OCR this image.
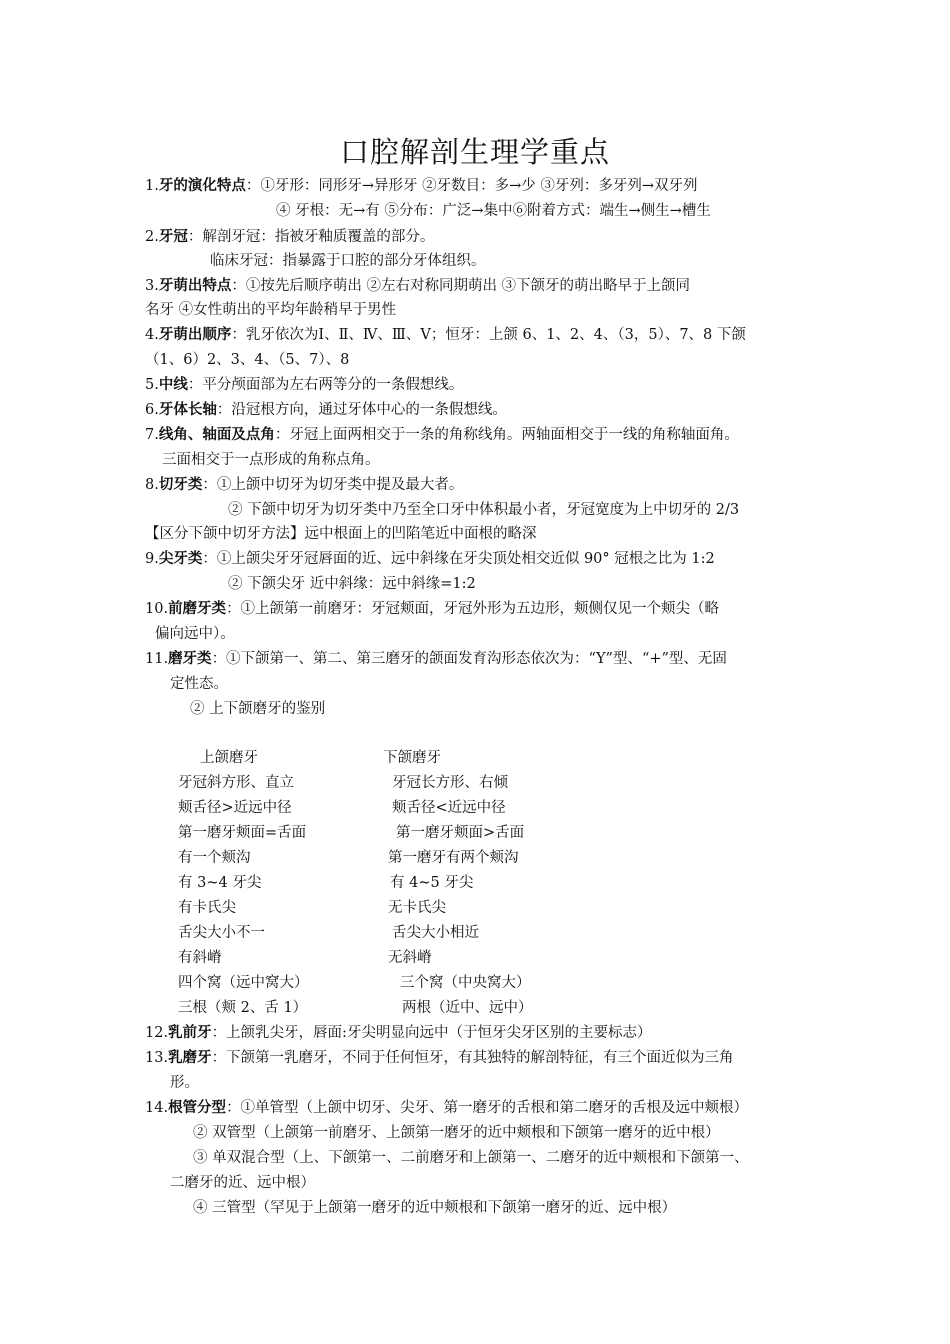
口腔解剖生理学重点
1.牙的演化特点：①牙形：同形牙→异形牙 ②牙数目：多→少 ③牙列：多牙列→双牙列
④ 牙根：无→有 ⑤分布：广泛→集中⑥附着方式：端生→侧生→槽生
2.牙冠：解剖牙冠：指被牙釉质覆盖的部分。
临床牙冠：指暴露于口腔的部分牙体组织。
3.牙萌出特点：①按先后顺序萌出 ②左右对称同期萌出 ③下颌牙的萌出略早于上颌同
名牙 ④女性萌出的平均年龄稍早于男性
4.牙萌出顺序：乳牙依次为Ⅰ、Ⅱ、Ⅳ、Ⅲ、Ⅴ；恒牙：上颌 6、1、2、4、（3，5）、7、8 下颌
（1、6）2、3、4、（5、7）、8
5.中线：平分颅面部为左右两等分的一条假想线。
6.牙体长轴：沿冠根方向，通过牙体中心的一条假想线。
7.线角、轴面及点角：牙冠上面两相交于一条的角称线角。两轴面相交于一线的角称轴面角。
三面相交于一点形成的角称点角。
8.切牙类：①上颌中切牙为切牙类中提及最大者。
② 下颌中切牙为切牙类中乃至全口牙中体积最小者，牙冠宽度为上中切牙的 2/3
【区分下颌中切牙方法】远中根面上的凹陷笔近中面根的略深
9.尖牙类：①上颌尖牙牙冠唇面的近、远中斜缘在牙尖顶处相交近似 90° 冠根之比为 1:2
② 下颌尖牙 近中斜缘：远中斜缘=1:2
10.前磨牙类：①上颌第一前磨牙：牙冠颊面，牙冠外形为五边形，颊侧仅见一个颊尖（略
偏向远中）。
11.磨牙类：①下颌第一、第二、第三磨牙的颌面发育沟形态依次为：“Y”型、“+”型、无固
定性态。
② 上下颌磨牙的鉴别
上颌磨牙	下颌磨牙
牙冠斜方形、直立	牙冠长方形、右倾
颊舌径>近远中径	颊舌径<近远中径
第一磨牙颊面=舌面	第一磨牙颊面>舌面
有一个颊沟	第一磨牙有两个颊沟
有 3~4 牙尖	有 4~5 牙尖
有卡氏尖	无卡氏尖
舌尖大小不一	舌尖大小相近
有斜嵴	无斜嵴
四个窝（远中窝大）	三个窝（中央窝大）
三根（颊 2、舌 1）	两根（近中、远中）
12.乳前牙：上颌乳尖牙，唇面:牙尖明显向远中（于恒牙尖牙区别的主要标志）
13.乳磨牙：下颌第一乳磨牙，不同于任何恒牙，有其独特的解剖特征，有三个面近似为三角
形。
14.根管分型：①单管型（上颌中切牙、尖牙、第一磨牙的舌根和第二磨牙的舌根及远中颊根）
② 双管型（上颌第一前磨牙、上颌第一磨牙的近中颊根和下颌第一磨牙的近中根）
③ 单双混合型（上、下颌第一、二前磨牙和上颌第一、二磨牙的近中颊根和下颌第一、
二磨牙的近、远中根）
④ 三管型（罕见于上颌第一磨牙的近中颊根和下颌第一磨牙的近、远中根）
